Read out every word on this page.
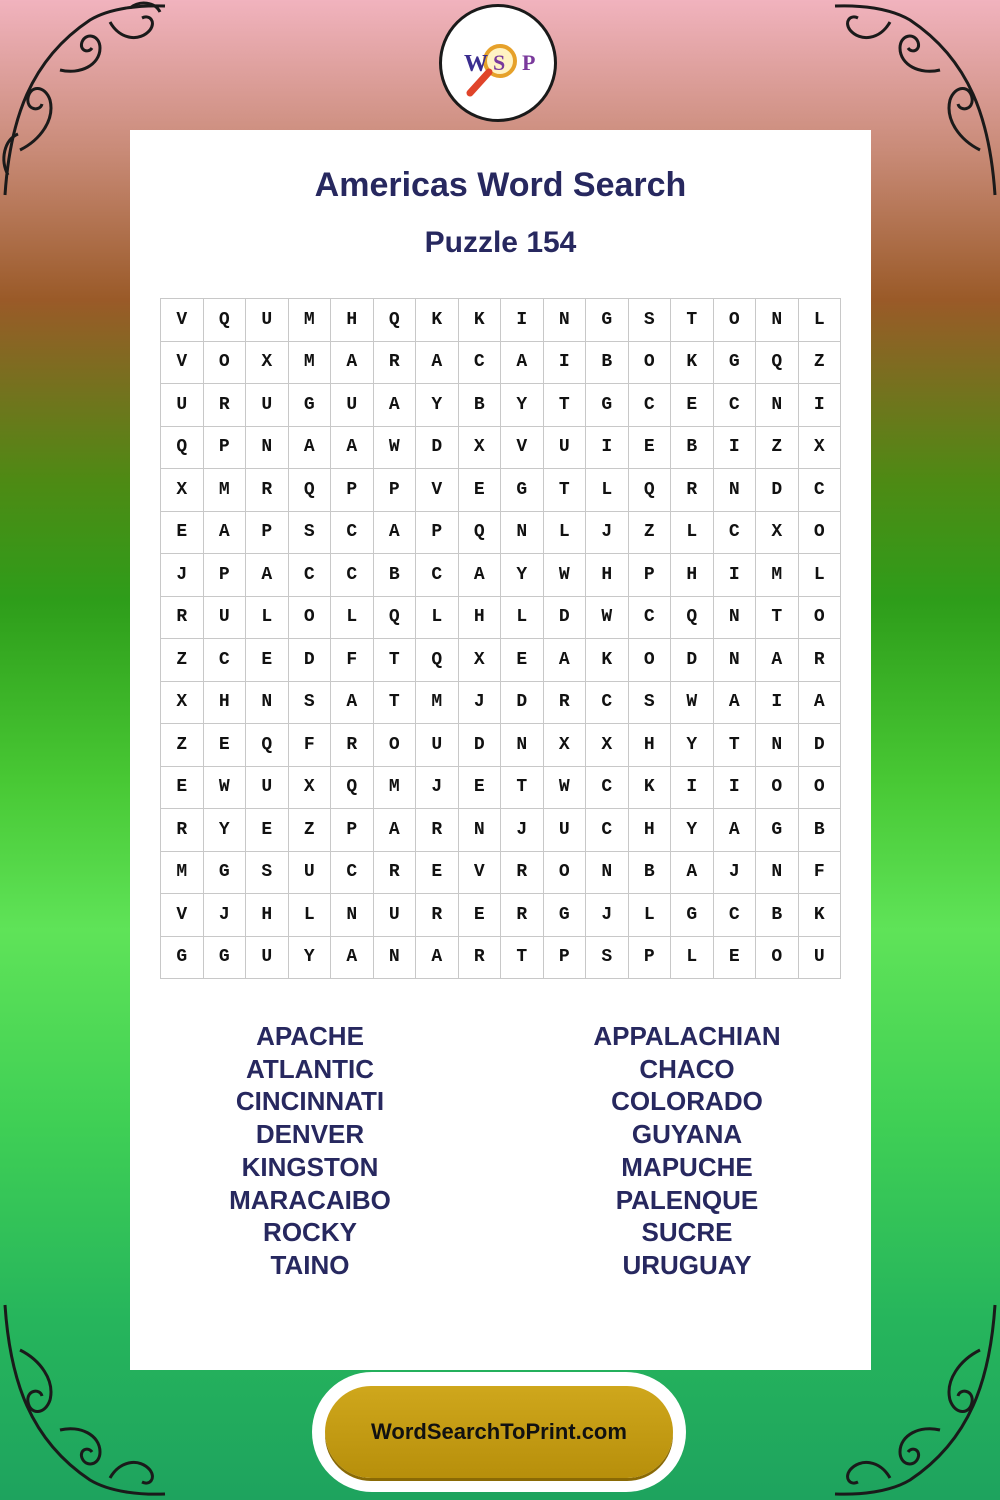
W S P
Americas Word Search
Puzzle 154
V	Q	U	M	H	Q	K	K	I	N	G	S	T	O	N	L
V	O	X	M	A	R	A	C	A	I	B	O	K	G	Q	Z
U	R	U	G	U	A	Y	B	Y	T	G	C	E	C	N	I
Q	P	N	A	A	W	D	X	V	U	I	E	B	I	Z	X
X	M	R	Q	P	P	V	E	G	T	L	Q	R	N	D	C
E	A	P	S	C	A	P	Q	N	L	J	Z	L	C	X	O
J	P	A	C	C	B	C	A	Y	W	H	P	H	I	M	L
R	U	L	O	L	Q	L	H	L	D	W	C	Q	N	T	O
Z	C	E	D	F	T	Q	X	E	A	K	O	D	N	A	R
X	H	N	S	A	T	M	J	D	R	C	S	W	A	I	A
Z	E	Q	F	R	O	U	D	N	X	X	H	Y	T	N	D
E	W	U	X	Q	M	J	E	T	W	C	K	I	I	O	O
R	Y	E	Z	P	A	R	N	J	U	C	H	Y	A	G	B
M	G	S	U	C	R	E	V	R	O	N	B	A	J	N	F
V	J	H	L	N	U	R	E	R	G	J	L	G	C	B	K
G	G	U	Y	A	N	A	R	T	P	S	P	L	E	O	U
APACHE
ATLANTIC
CINCINNATI
DENVER
KINGSTON
MARACAIBO
ROCKY
TAINO
APPALACHIAN
CHACO
COLORADO
GUYANA
MAPUCHE
PALENQUE
SUCRE
URUGUAY
WordSearchToPrint.com
